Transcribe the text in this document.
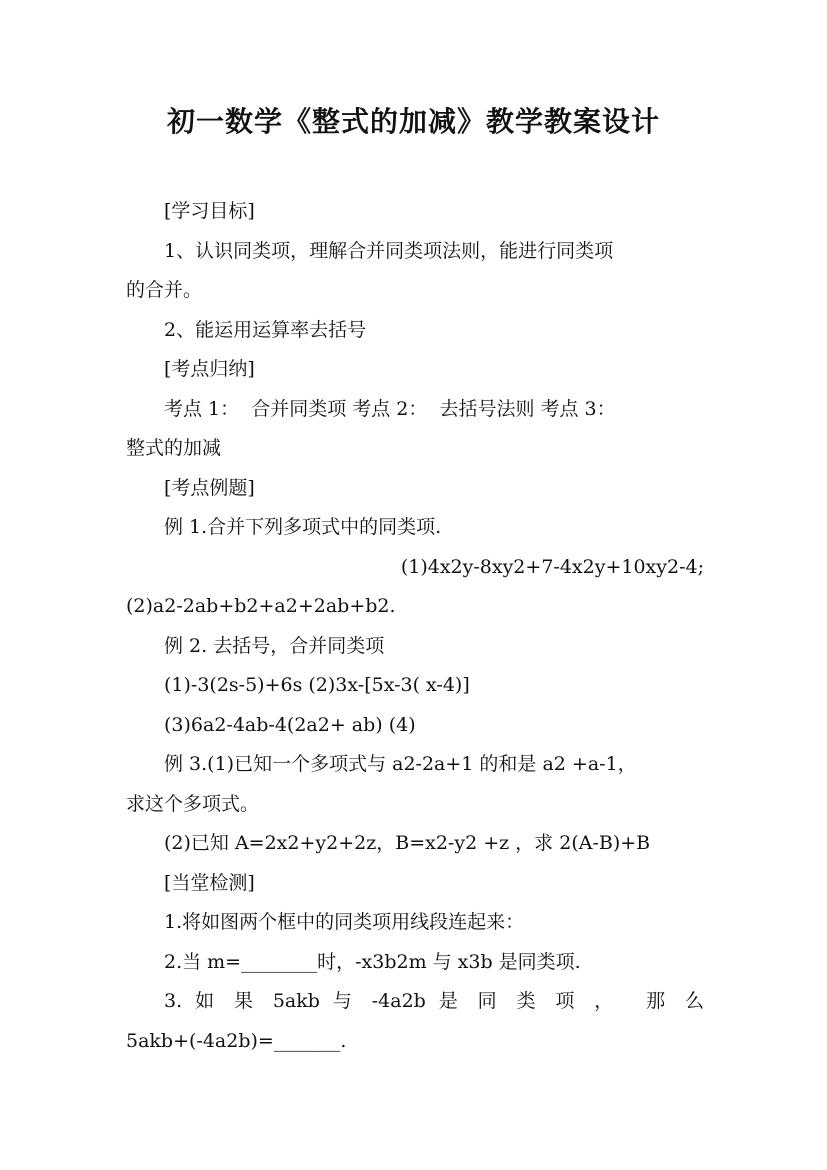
初一数学《整式的加减》教学教案设计

[学习目标]

1、认识同类项，理解合并同类项法则，能进行同类项

的合并。

2、能运用运算率去括号

[考点归纳]

考点 1：  合并同类项 考点 2：  去括号法则 考点 3：

整式的加减

[考点例题]

例 1.合并下列多项式中的同类项.

(1)4x2y-8xy2+7-4x2y+10xy2-4;

(2)a2-2ab+b2+a2+2ab+b2.

例 2. 去括号，合并同类项

(1)-3(2s-5)+6s (2)3x-[5x-3( x-4)]

(3)6a2-4ab-4(2a2+ ab) (4)

例 3.(1)已知一个多项式与 a2-2a+1 的和是 a2 +a-1，

求这个多项式。

(2)已知 A=2x2+y2+2z，B=x2-y2 +z ，求 2(A-B)+B

[当堂检测]

1.将如图两个框中的同类项用线段连起来：

2.当 m=________时，-x3b2m 与 x3b 是同类项.

3. 如 果 5akb 与 -4a2b 是 同 类 项 ，  那 么

5akb+(-4a2b)=_______.
